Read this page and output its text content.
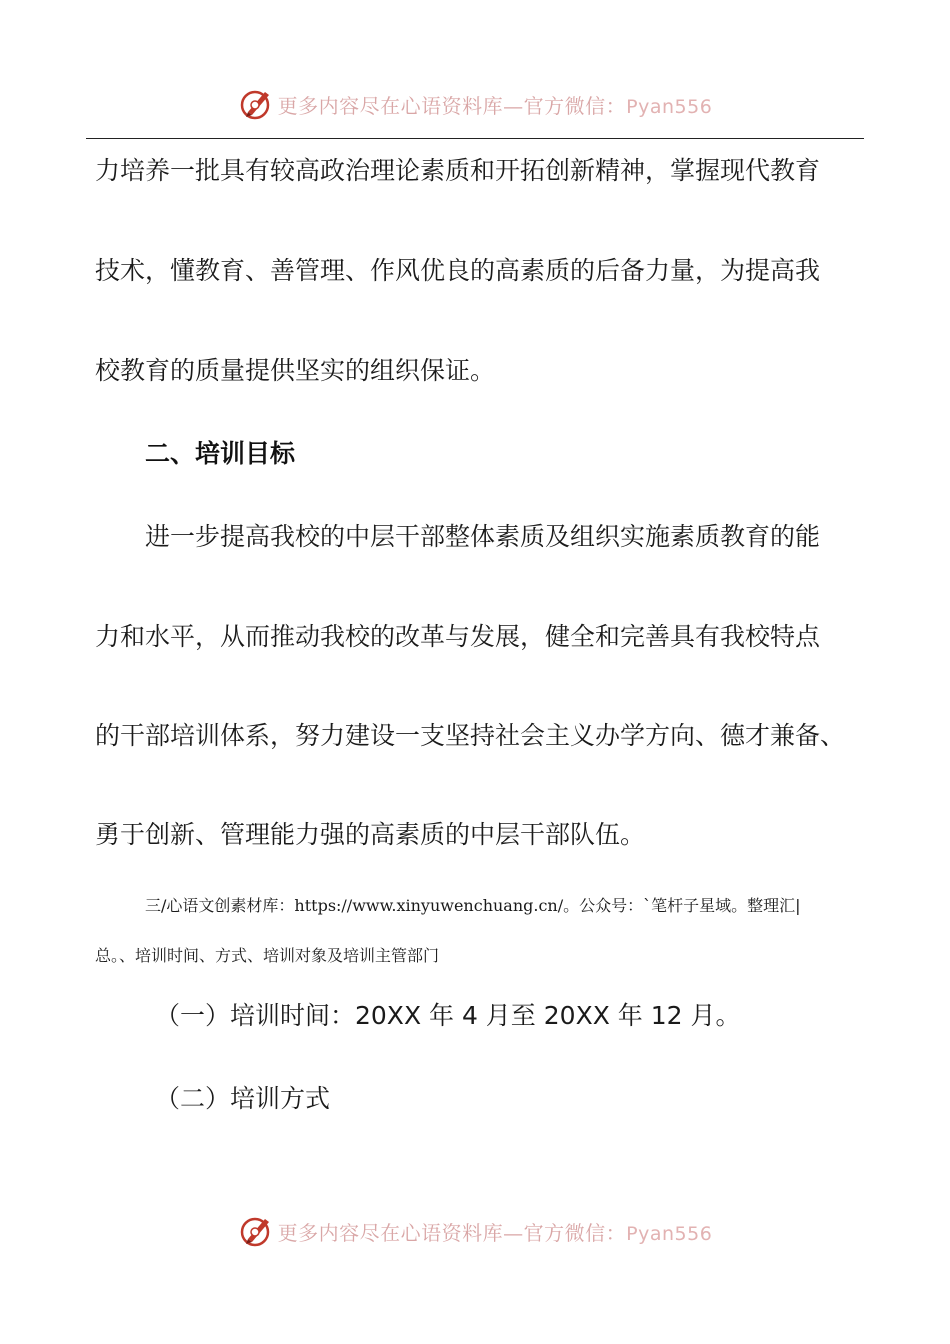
更多内容尽在心语资料库—官方微信：Pyan556
力培养一批具有较高政治理论素质和开拓创新精神，掌握现代教育
技术，懂教育、善管理、作风优良的高素质的后备力量，为提高我
校教育的质量提供坚实的组织保证。
二、培训目标
进一步提高我校的中层干部整体素质及组织实施素质教育的能
力和水平，从而推动我校的改革与发展，健全和完善具有我校特点
的干部培训体系，努力建设一支坚持社会主义办学方向、德才兼备、
勇于创新、管理能力强的高素质的中层干部队伍。
三/心语文创素材库：https://www.xinyuwenchuang.cn/。公众号：`笔杆子星域。整理汇|
总。、培训时间、方式、培训对象及培训主管部门
（一）培训时间：20XX 年 4 月至 20XX 年 12 月。
（二）培训方式
更多内容尽在心语资料库—官方微信：Pyan556
